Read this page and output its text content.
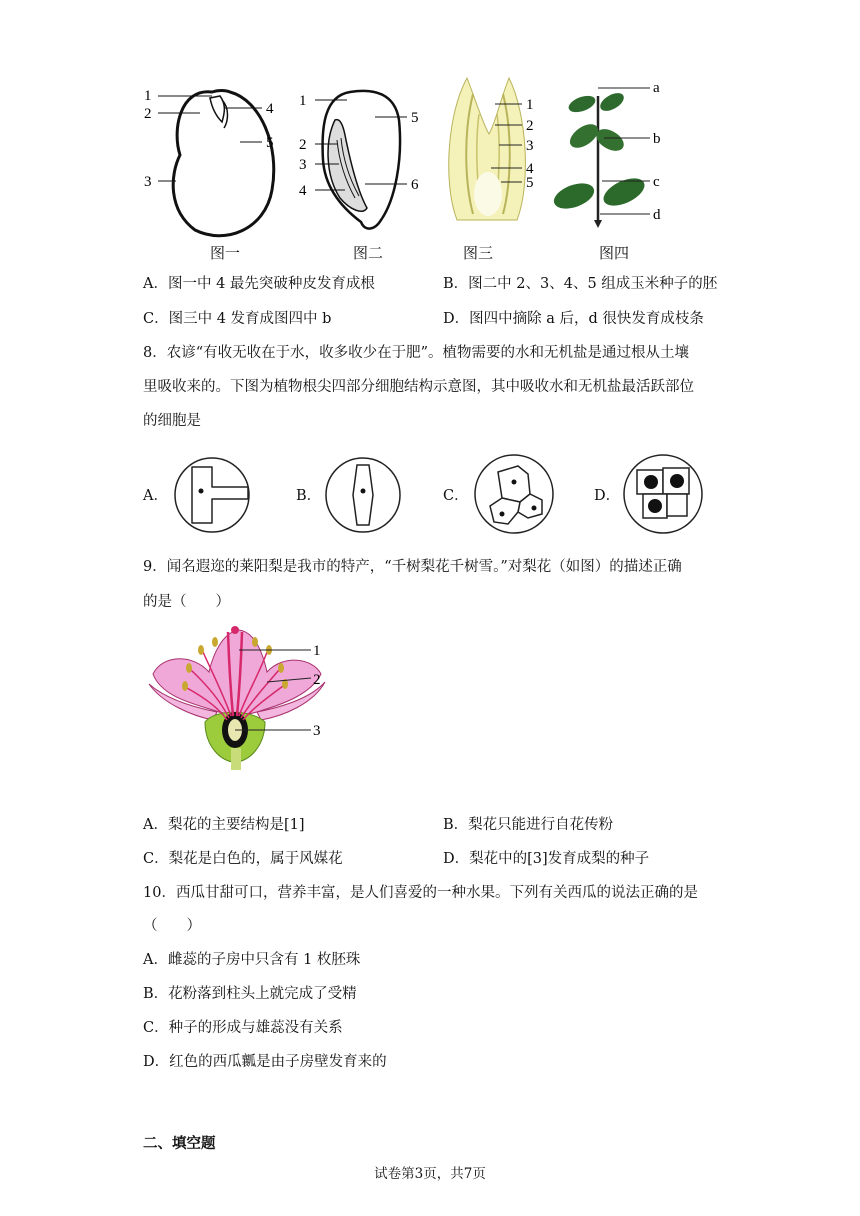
1
2
3
4
5
图一
1
2
3
4
5
6
图二
1
2
3
4
5
图三
a
b
c
d
图四
A．图一中 4 最先突破种皮发育成根	B．图二中 2、3、4、5 组成玉米种子的胚
C．图三中 4 发育成图四中 b	D．图四中摘除 a 后，d 很快发育成枝条
8．农谚“有收无收在于水，收多收少在于肥”。植物需要的水和无机盐是通过根从土壤
里吸收来的。下图为植物根尖四部分细胞结构示意图，其中吸收水和无机盐最活跃部位
的细胞是
A．	B．	C．	D．
9．闻名遐迩的莱阳梨是我市的特产，“千树梨花千树雪。”对梨花（如图）的描述正确
的是（　　）
1
2
3
A．梨花的主要结构是[1]	B．梨花只能进行自花传粉
C．梨花是白色的，属于风媒花	D．梨花中的[3]发育成梨的种子
10．西瓜甘甜可口，营养丰富，是人们喜爱的一种水果。下列有关西瓜的说法正确的是
（　　）
A．雌蕊的子房中只含有 1 枚胚珠
B．花粉落到柱头上就完成了受精
C．种子的形成与雄蕊没有关系
D．红色的西瓜瓤是由子房壁发育来的
二、填空题
试卷第3页，共7页
